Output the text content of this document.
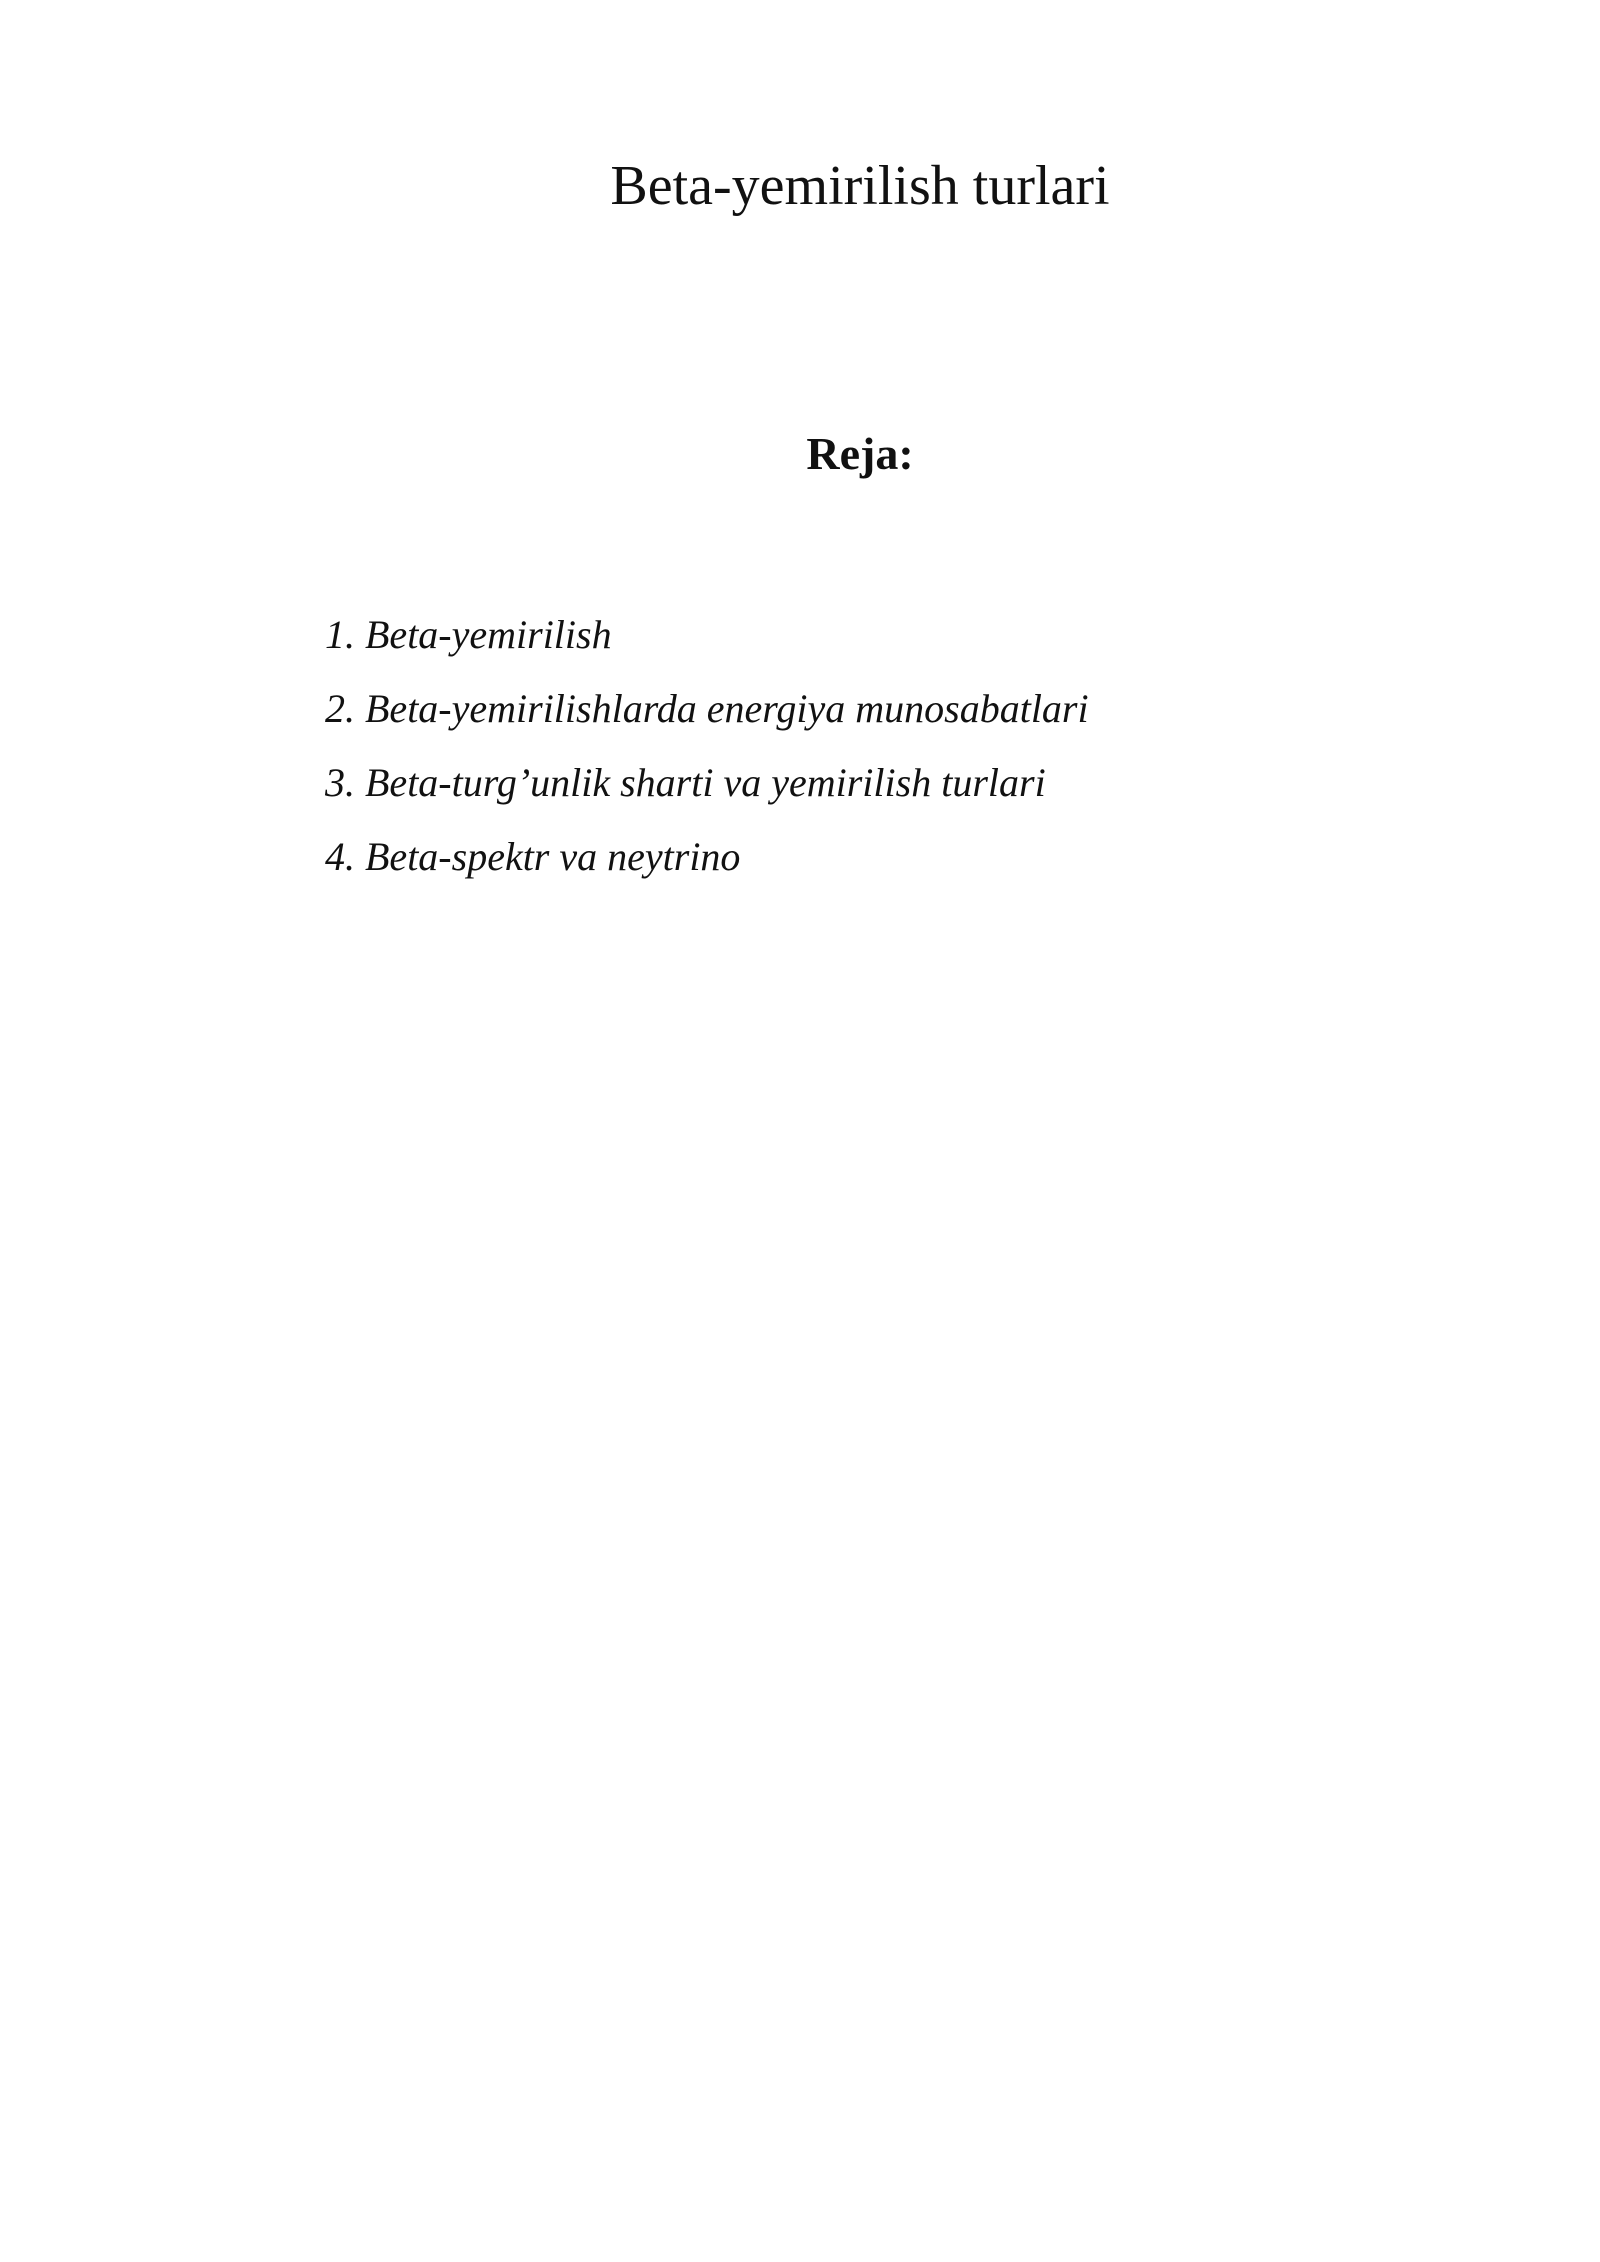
Beta-yemirilish turlari
Reja:
1. Beta-yemirilish
2. Beta-yemirilishlarda energiya munosabatlari
3. Beta-turg’unlik sharti va yemirilish turlari
4. Beta-spektr va neytrino
